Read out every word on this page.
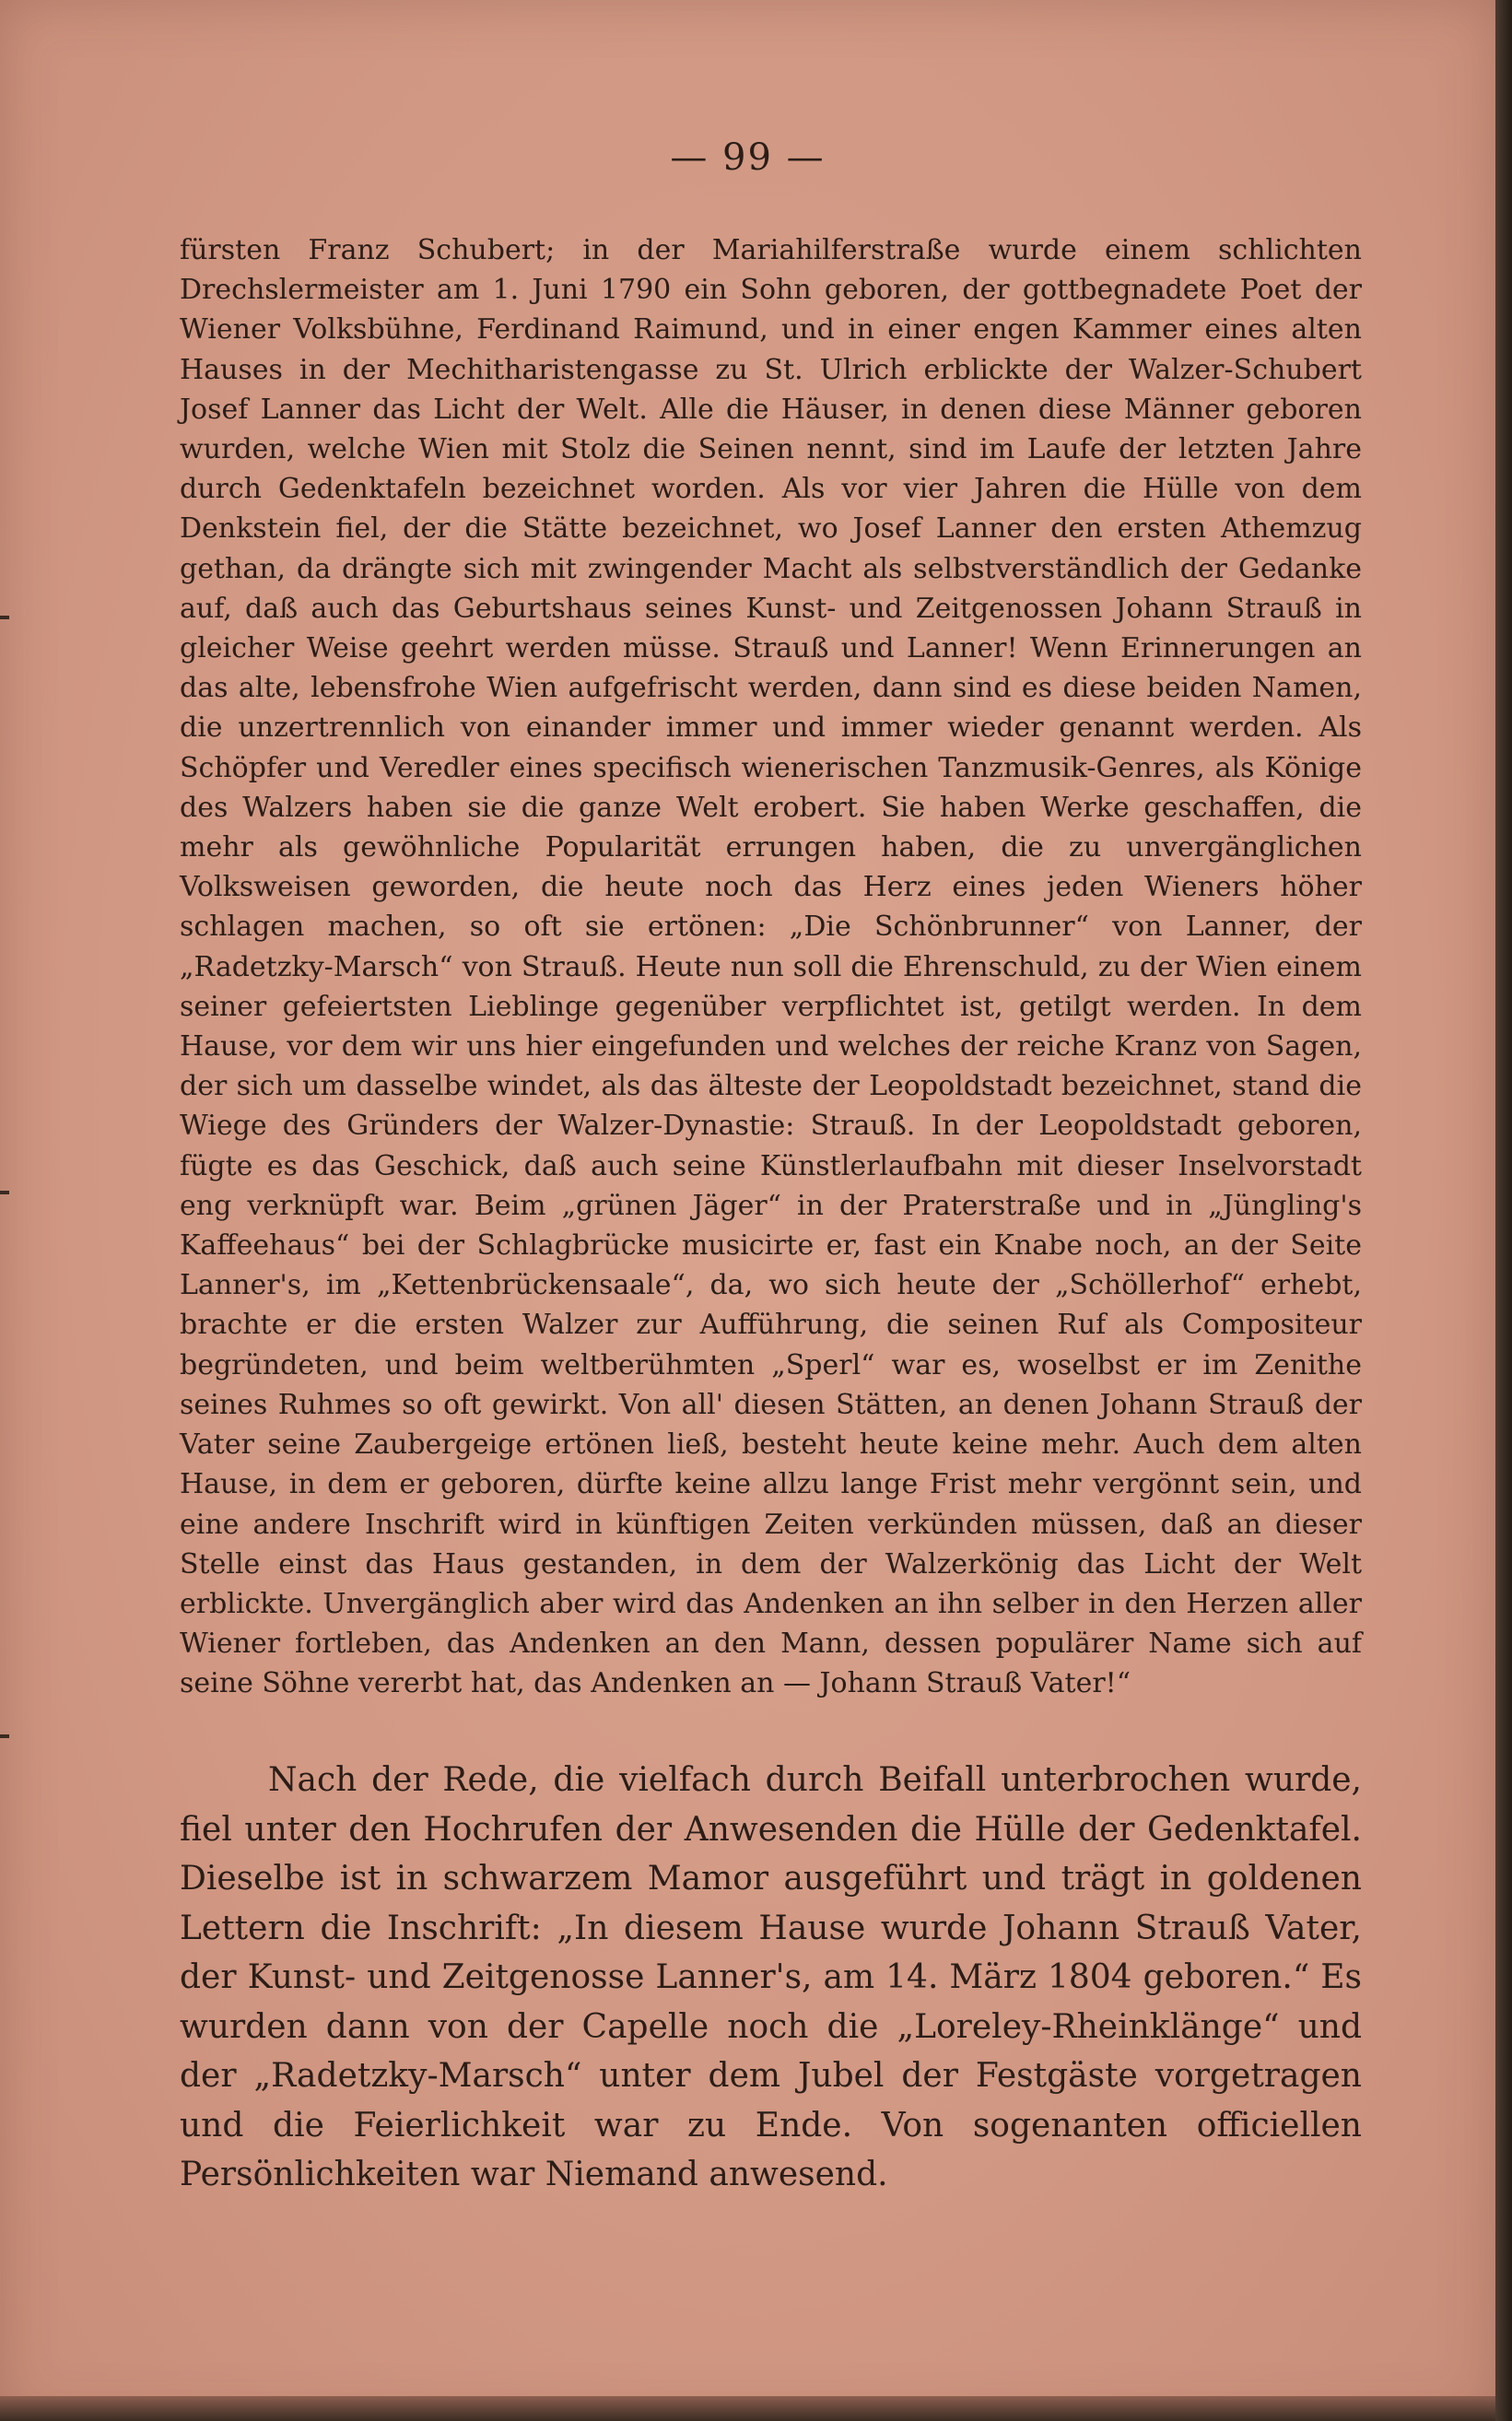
— 99 —

fürsten Franz Schubert; in der Mariahilferstraße wurde einem schlichten Drechslermeister am 1. Juni 1790 ein Sohn geboren, der gottbegnadete Poet der Wiener Volksbühne, Ferdinand Raimund, und in einer engen Kammer eines alten Hauses in der Mechitharistengasse zu St. Ulrich erblickte der Walzer-Schubert Josef Lanner das Licht der Welt. Alle die Häuser, in denen diese Männer geboren wurden, welche Wien mit Stolz die Seinen nennt, sind im Laufe der letzten Jahre durch Gedenktafeln bezeichnet worden. Als vor vier Jahren die Hülle von dem Denkstein fiel, der die Stätte bezeichnet, wo Josef Lanner den ersten Athemzug gethan, da drängte sich mit zwingender Macht als selbstverständlich der Gedanke auf, daß auch das Geburtshaus seines Kunst- und Zeitgenossen Johann Strauß in gleicher Weise geehrt werden müsse. Strauß und Lanner! Wenn Erinnerungen an das alte, lebensfrohe Wien aufgefrischt werden, dann sind es diese beiden Namen, die unzertrennlich von einander immer und immer wieder genannt werden. Als Schöpfer und Veredler eines specifisch wienerischen Tanzmusik-Genres, als Könige des Walzers haben sie die ganze Welt erobert. Sie haben Werke geschaffen, die mehr als gewöhnliche Popularität errungen haben, die zu unvergänglichen Volksweisen geworden, die heute noch das Herz eines jeden Wieners höher schlagen machen, so oft sie ertönen: „Die Schönbrunner“ von Lanner, der „Radetzky-Marsch“ von Strauß. Heute nun soll die Ehrenschuld, zu der Wien einem seiner gefeiertsten Lieblinge gegenüber verpflichtet ist, getilgt werden. In dem Hause, vor dem wir uns hier eingefunden und welches der reiche Kranz von Sagen, der sich um dasselbe windet, als das älteste der Leopoldstadt bezeichnet, stand die Wiege des Gründers der Walzer-Dynastie: Strauß. In der Leopoldstadt geboren, fügte es das Geschick, daß auch seine Künstlerlaufbahn mit dieser Inselvorstadt eng verknüpft war. Beim „grünen Jäger“ in der Praterstraße und in „Jüngling's Kaffeehaus“ bei der Schlagbrücke musicirte er, fast ein Knabe noch, an der Seite Lanner's, im „Kettenbrückensaale“, da, wo sich heute der „Schöllerhof“ erhebt, brachte er die ersten Walzer zur Aufführung, die seinen Ruf als Compositeur begründeten, und beim weltberühmten „Sperl“ war es, woselbst er im Zenithe seines Ruhmes so oft gewirkt. Von all' diesen Stätten, an denen Johann Strauß der Vater seine Zaubergeige ertönen ließ, besteht heute keine mehr. Auch dem alten Hause, in dem er geboren, dürfte keine allzu lange Frist mehr vergönnt sein, und eine andere Inschrift wird in künftigen Zeiten verkünden müssen, daß an dieser Stelle einst das Haus gestanden, in dem der Walzerkönig das Licht der Welt erblickte. Unvergänglich aber wird das Andenken an ihn selber in den Herzen aller Wiener fortleben, das Andenken an den Mann, dessen populärer Name sich auf seine Söhne vererbt hat, das Andenken an — Johann Strauß Vater!“

Nach der Rede, die vielfach durch Beifall unterbrochen wurde, fiel unter den Hochrufen der Anwesenden die Hülle der Gedenktafel. Dieselbe ist in schwarzem Mamor ausgeführt und trägt in goldenen Lettern die Inschrift: „In diesem Hause wurde Johann Strauß Vater, der Kunst- und Zeitgenosse Lanner's, am 14. März 1804 geboren.“ Es wurden dann von der Capelle noch die „Loreley-Rheinklänge“ und der „Radetzky-Marsch“ unter dem Jubel der Festgäste vorgetragen und die Feierlichkeit war zu Ende. Von sogenanten officiellen Persönlichkeiten war Niemand anwesend.
